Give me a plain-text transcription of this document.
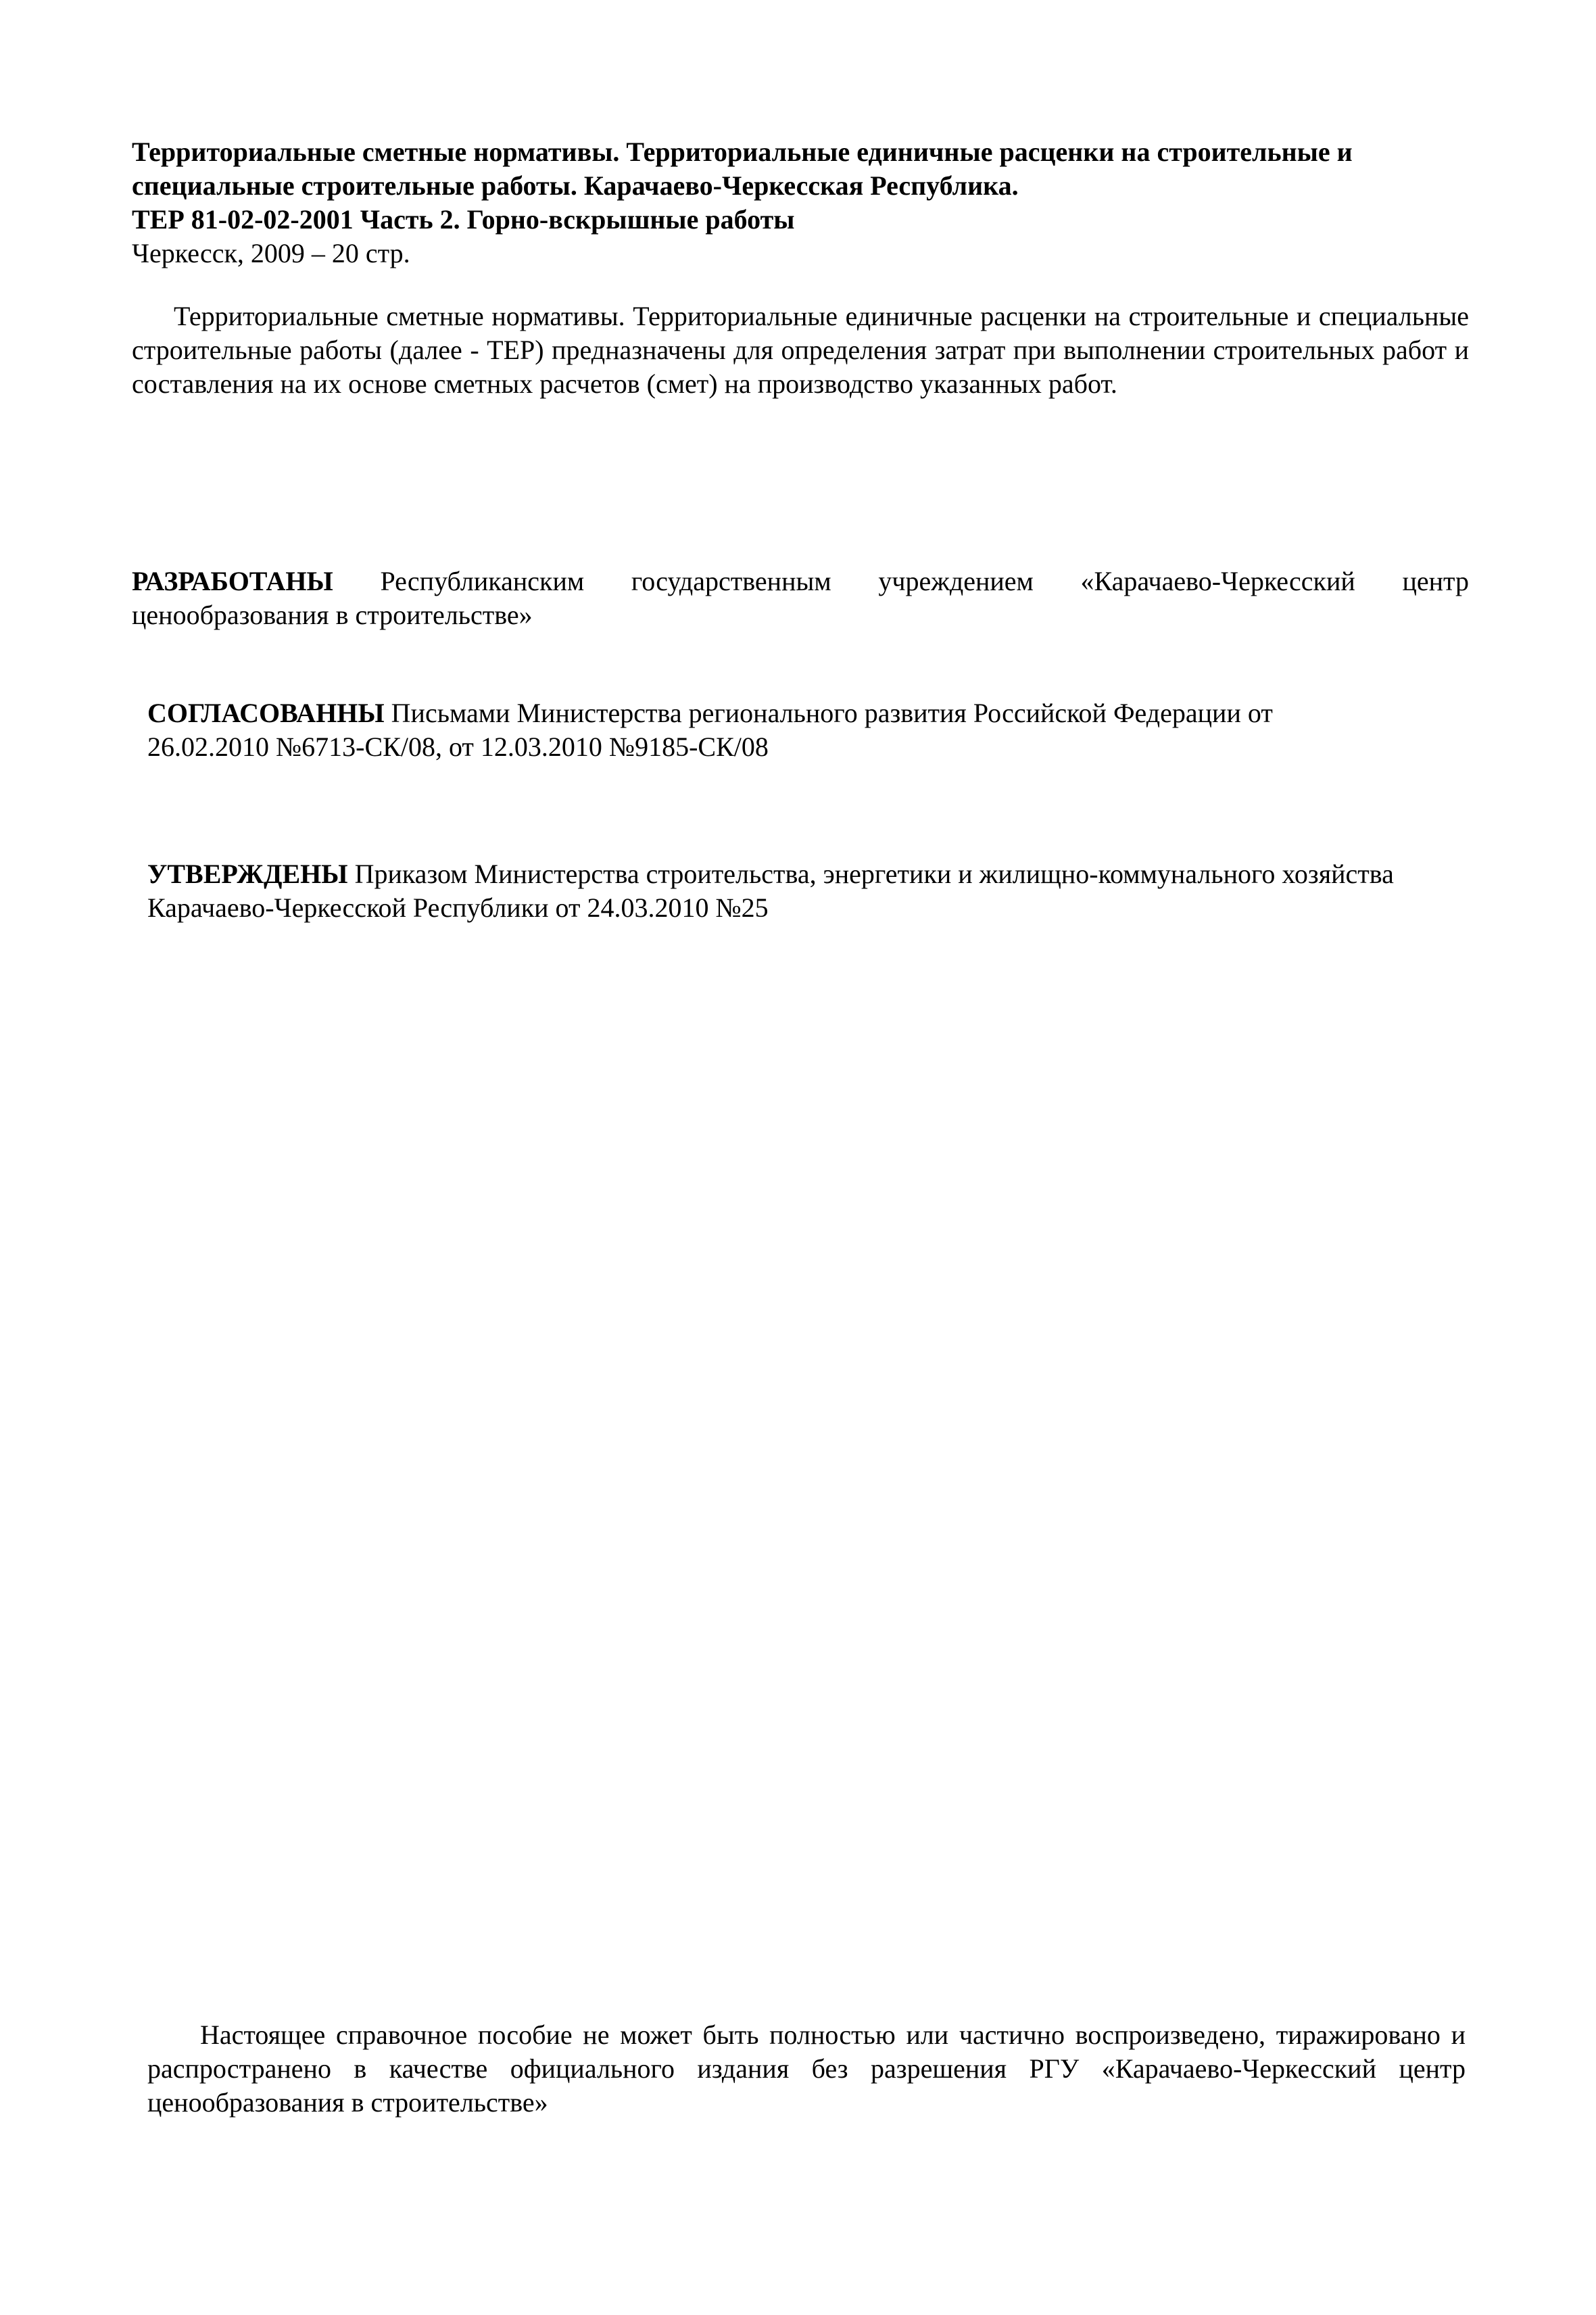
Территориальные сметные нормативы. Территориальные единичные расценки на строительные и
специальные строительные работы. Карачаево-Черкесская Республика.
ТЕР 81-02-02-2001 Часть 2. Горно-вскрышные работы
Черкесск, 2009 – 20 стр.

Территориальные сметные нормативы. Территориальные единичные расценки на строительные и специальные строительные работы (далее - ТЕР) предназначены для определения затрат при выполнении строительных работ и составления на их основе сметных расчетов (смет) на производство указанных работ.

РАЗРАБОТАНЫ Республиканским государственным учреждением «Карачаево-Черкесский центр ценообразования в строительстве»

СОГЛАСОВАННЫ Письмами Министерства регионального развития Российской Федерации от
26.02.2010 №6713-СК/08, от 12.03.2010 №9185-СК/08

УТВЕРЖДЕНЫ Приказом Министерства строительства, энергетики и жилищно-коммунального хозяйства
Карачаево-Черкесской Республики от 24.03.2010 №25

Настоящее справочное пособие не может быть полностью или частично воспроизведено, тиражировано и распространено в качестве официального издания без разрешения РГУ «Карачаево-Черкесский центр ценообразования в строительстве»
